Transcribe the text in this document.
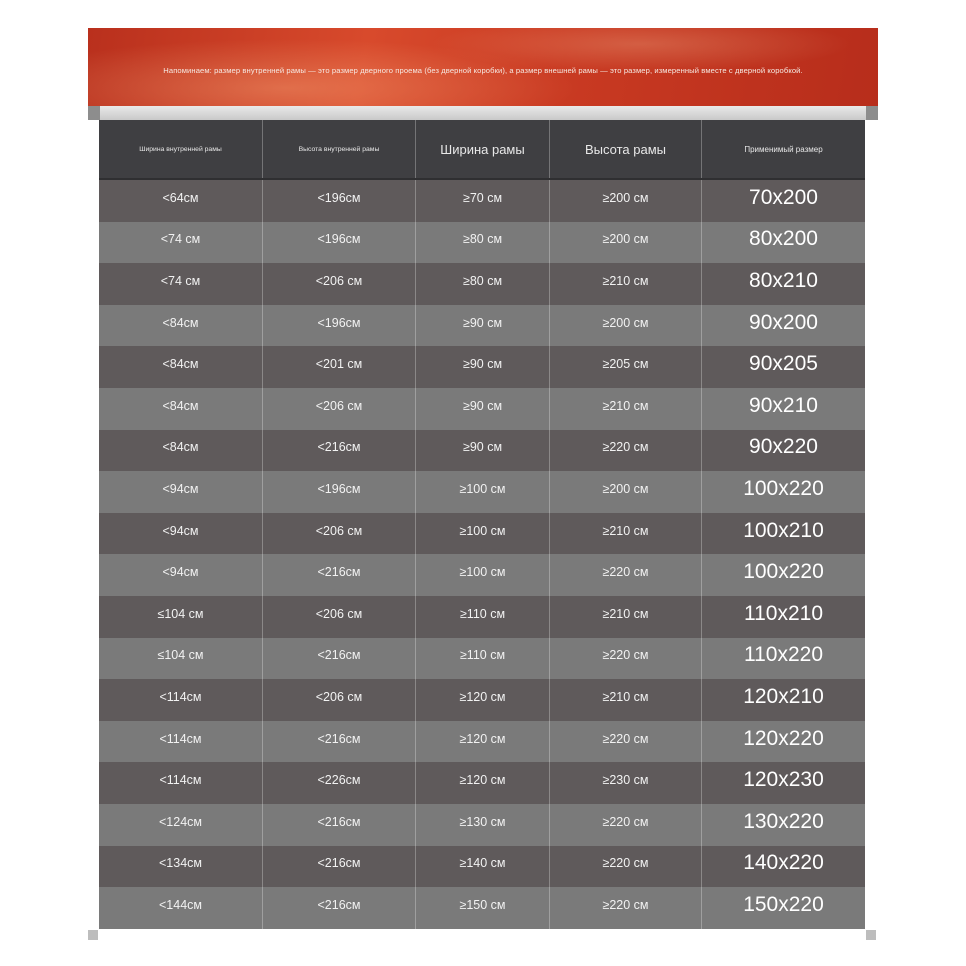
Напоминаем: размер внутренней рамы — это размер дверного проема (без дверной коробки), а размер внешней рамы — это размер, измеренный вместе с дверной коробкой.
Ширина внутренней рамы	Высота внутренней рамы	Ширина рамы	Высота рамы	Применимый размер
<64см	<196см	≥70 см	≥200 см	70x200
<74 см	<196см	≥80 см	≥200 см	80x200
<74 см	<206 см	≥80 см	≥210 см	80x210
<84см	<196см	≥90 см	≥200 см	90x200
<84см	<201 см	≥90 см	≥205 см	90x205
<84см	<206 см	≥90 см	≥210 см	90x210
<84см	<216см	≥90 см	≥220 см	90x220
<94см	<196см	≥100 см	≥200 см	100x220
<94см	<206 см	≥100 см	≥210 см	100x210
<94см	<216см	≥100 см	≥220 см	100x220
≤104 см	<206 см	≥110 см	≥210 см	110x210
≤104 см	<216см	≥110 см	≥220 см	110x220
<114см	<206 см	≥120 см	≥210 см	120x210
<114см	<216см	≥120 см	≥220 см	120x220
<114см	<226см	≥120 см	≥230 см	120x230
<124см	<216см	≥130 см	≥220 см	130x220
<134см	<216см	≥140 см	≥220 см	140x220
<144см	<216см	≥150 см	≥220 см	150x220
